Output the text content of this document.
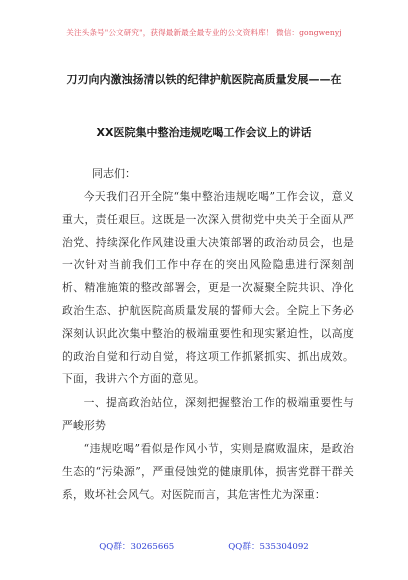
关注头条号"公文研究"，获得最新最全最专业的公文资料库！ 微信：gongwenyj
刀刃向内激浊扬清以铁的纪律护航医院高质量发展——在
XX医院集中整治违规吃喝工作会议上的讲话
同志们：
今天我们召开全院“集中整治违规吃喝”工作会议，意义重大，责任艰巨。这既是一次深入贯彻党中央关于全面从严治党、持续深化作风建设重大决策部署的政治动员会，也是一次针对当前我们工作中存在的突出风险隐患进行深刻剖析、精准施策的整改部署会，更是一次凝聚全院共识、净化政治生态、护航医院高质量发展的誓师大会。全院上下务必深刻认识此次集中整治的极端重要性和现实紧迫性，以高度的政治自觉和行动自觉，将这项工作抓紧抓实、抓出成效。下面，我讲六个方面的意见。
一、提高政治站位，深刻把握整治工作的极端重要性与严峻形势
“违规吃喝”看似是作风小节，实则是腐败温床，是政治生态的“污染源”，严重侵蚀党的健康肌体，损害党群干群关系，败坏社会风气。对医院而言，其危害性尤为深重：
QQ群：30265665	QQ群：535304092
